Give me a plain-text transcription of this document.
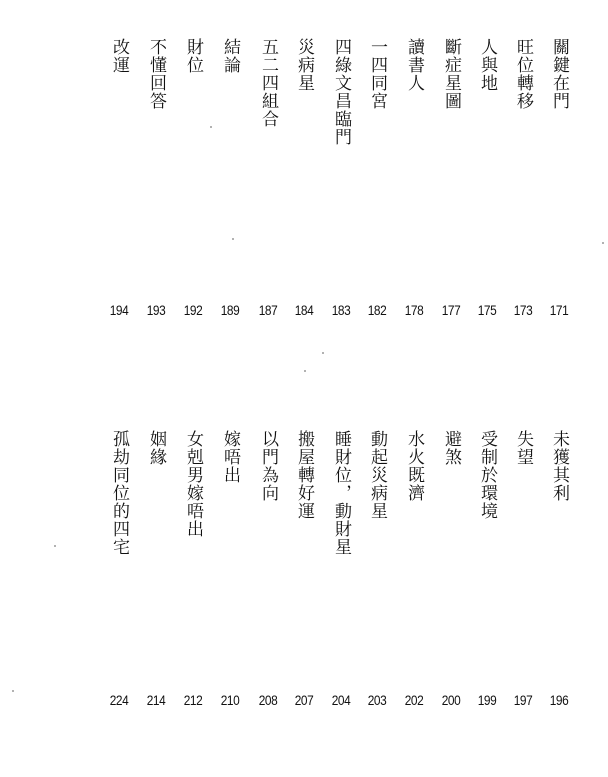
關鍵在門
171
旺位轉移
173
人與地
175
斷症星圖
177
讀書人
178
一四同宮
182
四綠文昌臨門
183
災病星
184
五二四組合
187
結論
189
財位
192
不懂回答
193
改運
194
未獲其利
196
失望
197
受制於環境
199
避煞
200
水火既濟
202
動起災病星
203
睡財位，動財星
204
搬屋轉好運
207
以門為向
208
嫁唔出
210
女剋男嫁唔出
212
姻緣
214
孤劫同位的四宅
224
